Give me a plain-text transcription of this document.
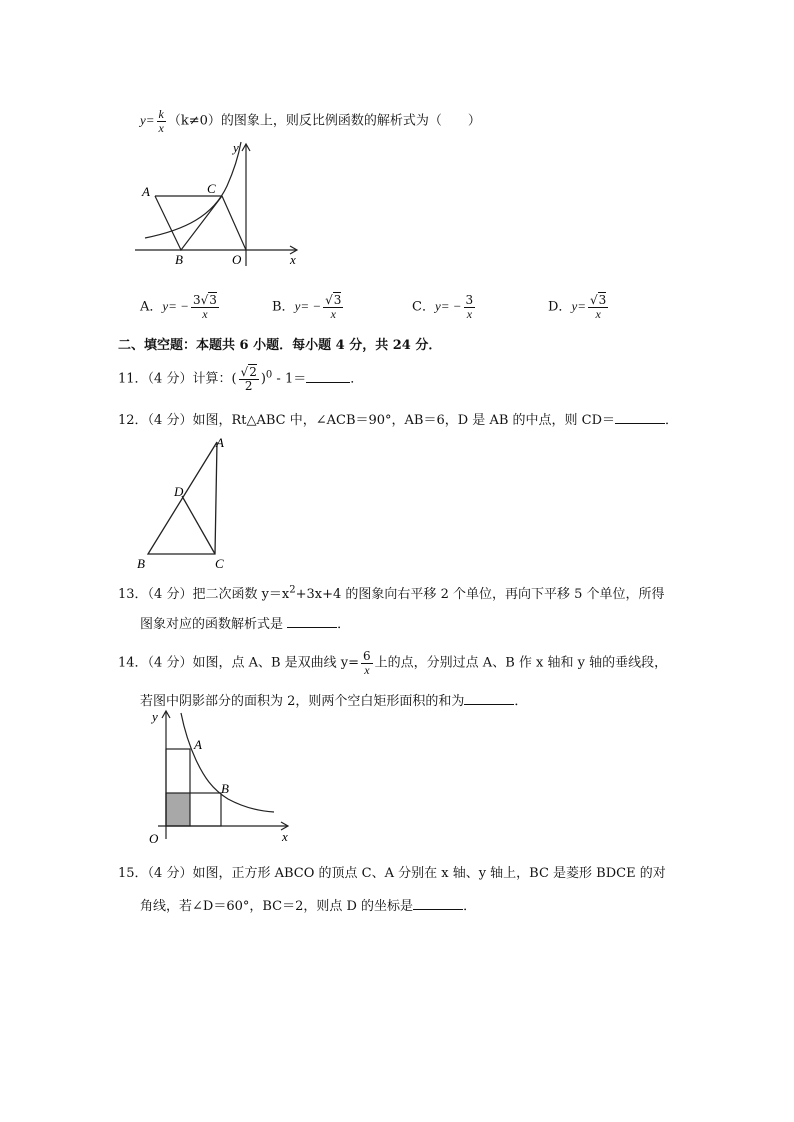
$y= \frac{k}{x} (k\ne 0)$的图象上，则反比例函数的解析式为（　　）
A	C
B	O	x
y
A．$y= - \frac{3√3}{x}$	B．$y= - \frac{√3}{x}$	C．$y= - \frac{3}{x}$	D．$y= \frac{√3}{x}$
二、填空题：本题共 6 小题．每小题 4 分，共 24 分．
11．（4 分）计算：( $\frac{√2}{2} )^0 - 1=$	．
12．（4 分）如图，Rt△ABC 中，∠ACB＝90°，AB＝6，D 是 AB 的中点，则 CD＝	．
A
D
B	C
13．（4 分）把二次函数 $y=x^2+3x+4$ 的图象向右平移 2 个单位，再向下平移 5 个单位，所得
图象对应的函数解析式是	．
14．（4 分）如图，点 A、B 是双曲线 $y= \frac{6}{x}$ 上的点，分别过点 A、B 作 x 轴和 y 轴的垂线段，
若图中阴影部分的面积为 2，则两个空白矩形面积的和为	．
A
B
O	x
y
15．（4 分）如图，正方形 ABCO 的顶点 C、A 分别在 x 轴、y 轴上，BC 是菱形 BDCE 的对
角线，若∠D＝60°，BC＝2，则点 D 的坐标是	．
